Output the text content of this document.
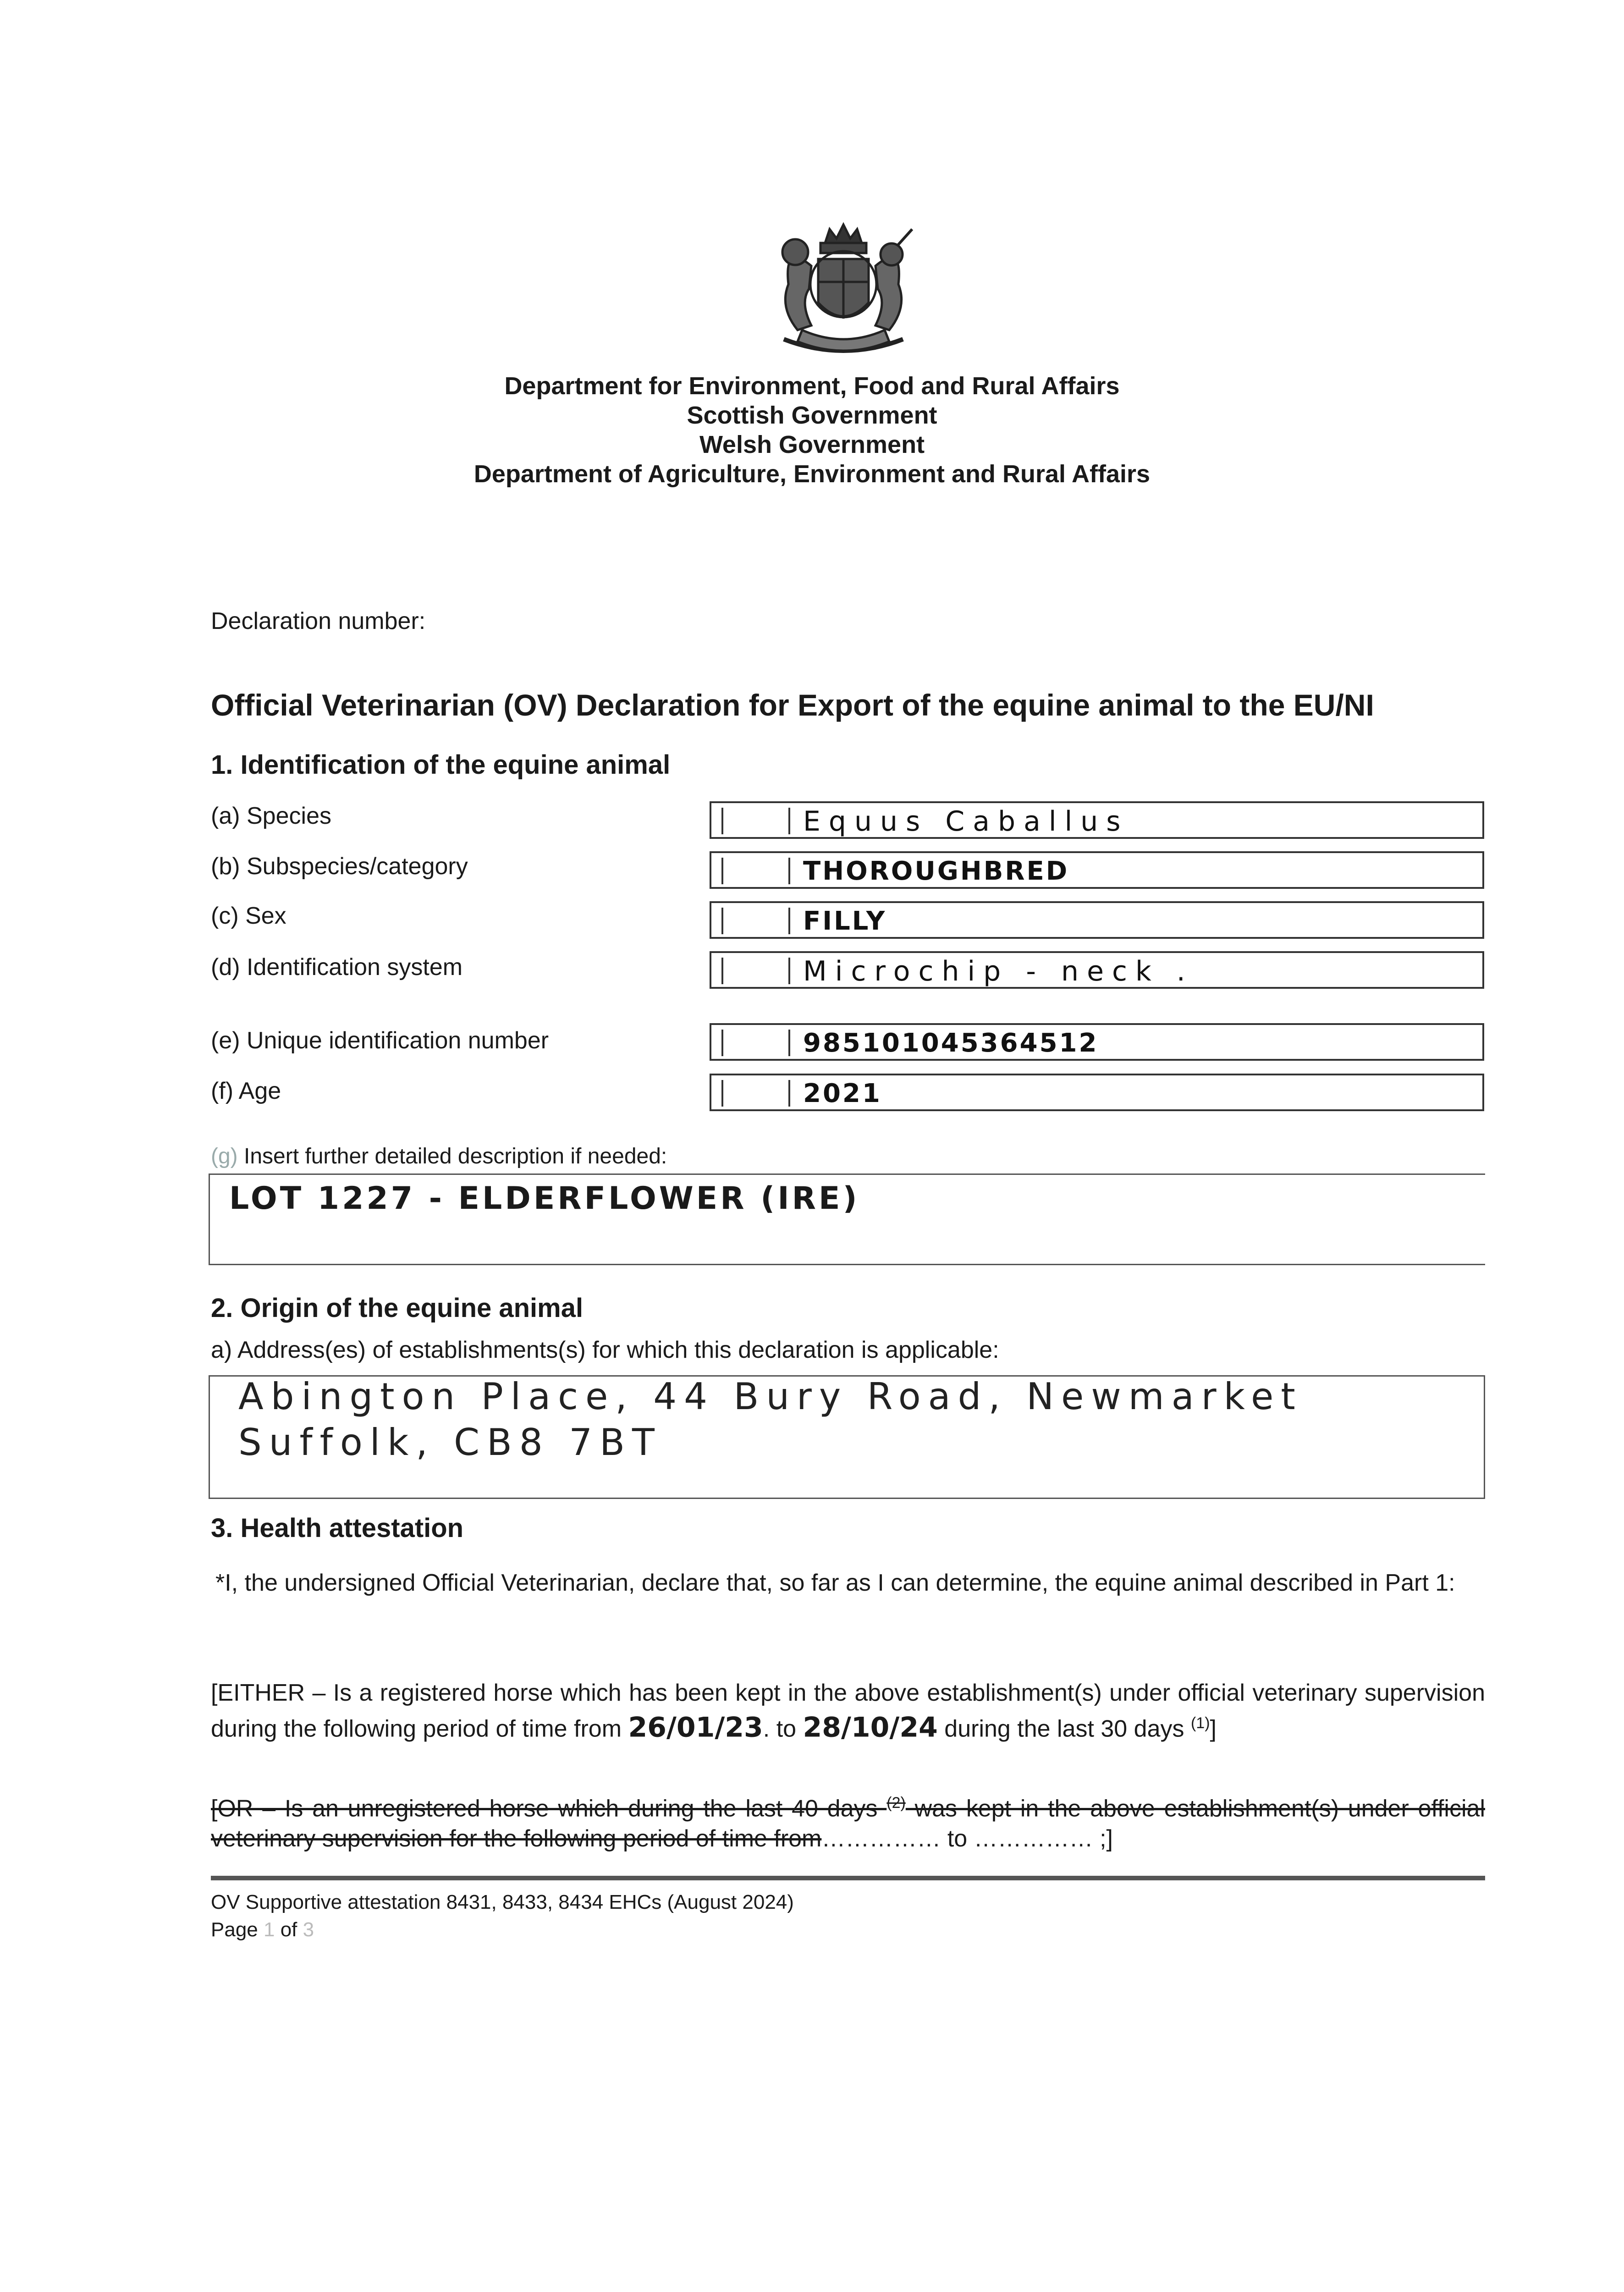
Department for Environment, Food and Rural Affairs
Scottish Government
Welsh Government
Department of Agriculture, Environment and Rural Affairs
Declaration number:
Official Veterinarian (OV) Declaration for Export of the equine animal to the EU/NI
1. Identification of the equine animal
(a) Species	Equus Caballus
(b) Subspecies/category	THOROUGHBRED
(c) Sex	FILLY
(d) Identification system	Microchip - neck .
(e) Unique identification number	985101045364512
(f) Age	2021
(g) Insert further detailed description if needed:
LOT 1227 - ELDERFLOWER (IRE)
2. Origin of the equine animal
a) Address(es) of establishments(s) for which this declaration is applicable:
Abington Place, 44 Bury Road, Newmarket
Suffolk, CB8 7BT
3. Health attestation
*I, the undersigned Official Veterinarian, declare that, so far as I can determine, the equine animal described in Part 1:
[EITHER – Is a registered horse which has been kept in the above establishment(s) under official veterinary supervision during the following period of time from 26/01/23. to 28/10/24 during the last 30 days $^{(1)}$]
[OR – Is an unregistered horse which during the last 40 days $^{(2)}$ was kept in the above establishment(s) under official veterinary supervision for the following period of time from…………… to …………… ;]
OV Supportive attestation 8431, 8433, 8434 EHCs (August 2024)
Page 1 of 3
